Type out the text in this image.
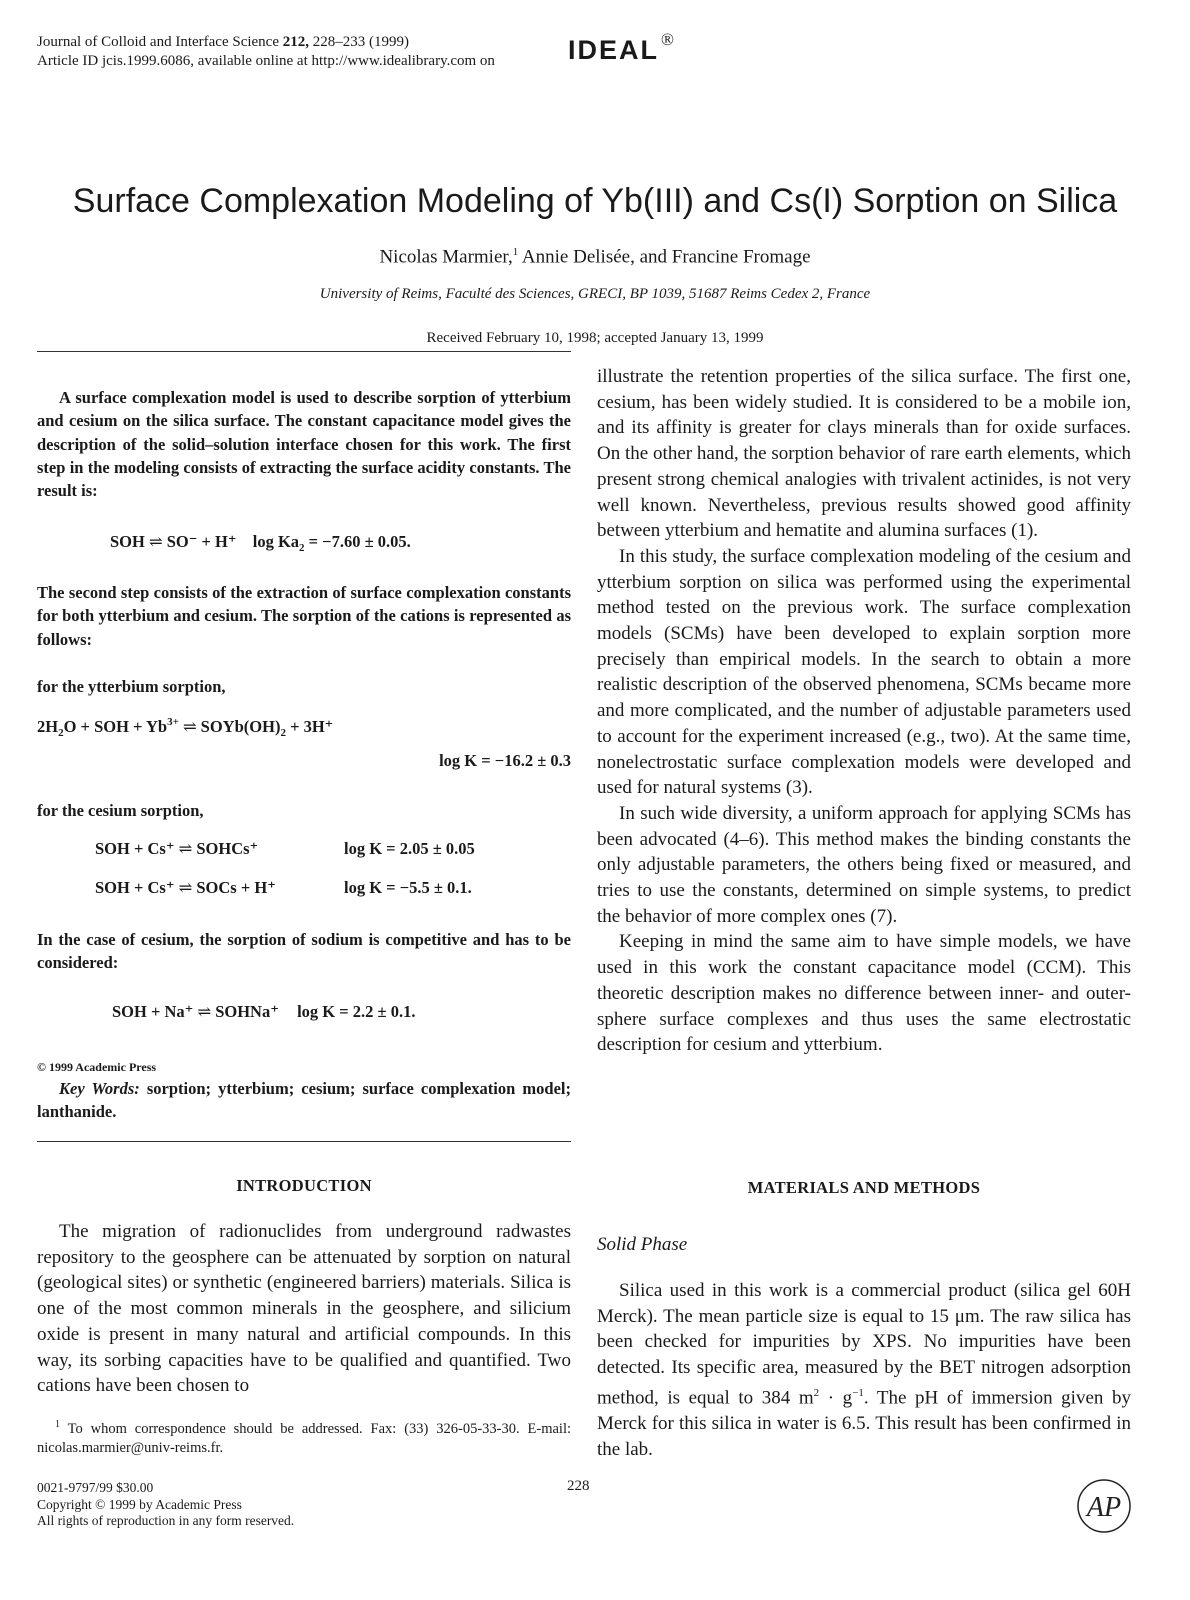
Journal of Colloid and Interface Science 212, 228–233 (1999)
Article ID jcis.1999.6086, available online at http://www.idealibrary.com on	IDEAL ®
Surface Complexation Modeling of Yb(III) and Cs(I) Sorption on Silica
Nicolas Marmier,$^1$ Annie Delisée, and Francine Fromage
University of Reims, Faculté des Sciences, GRECI, BP 1039, 51687 Reims Cedex 2, France
Received February 10, 1998; accepted January 13, 1999

A surface complexation model is used to describe sorption of ytterbium and cesium on the silica surface. The constant capacitance model gives the description of the solid–solution interface chosen for this work. The first step in the modeling consists of extracting the surface acidity constants. The result is:

SOH ⇌ SO⁻ + H⁺ $\log Ka_2 = -7.60 \pm 0.05$.
The second step consists of the extraction of surface complexation constants for both ytterbium and cesium. The sorption of the cations is represented as follows:
for the ytterbium sorption,
$2H_2O$ + SOH + $Yb^{3+}$ ⇌ $SOYb(OH)_2 + 3H^+$
log K = −16.2 ± 0.3
for the cesium sorption,
SOH + Cs⁺ ⇌ SOHCs⁺	log K = 2.05 ± 0.05
SOH + Cs⁺ ⇌ SOCs + H⁺	log K = −5.5 ± 0.1.
In the case of cesium, the sorption of sodium is competitive and has to be considered:
SOH + Na⁺ ⇌ SOHNa⁺ log K = 2.2 ± 0.1.
© 1999 Academic Press
Key Words: sorption; ytterbium; cesium; surface complexation model; lanthanide.
INTRODUCTION
The migration of radionuclides from underground radwastes repository to the geosphere can be attenuated by sorption on natural (geological sites) or synthetic (engineered barriers) materials. Silica is one of the most common minerals in the geosphere, and silicium oxide is present in many natural and artificial compounds. In this way, its sorbing capacities have to be qualified and quantified. Two cations have been chosen to
$^1$ To whom correspondence should be addressed. Fax: (33) 326-05-33-30. E-mail: nicolas.marmier@univ-reims.fr.

illustrate the retention properties of the silica surface. The first one, cesium, has been widely studied. It is considered to be a mobile ion, and its affinity is greater for clays minerals than for oxide surfaces. On the other hand, the sorption behavior of rare earth elements, which present strong chemical analogies with trivalent actinides, is not very well known. Nevertheless, previous results showed good affinity between ytterbium and hematite and alumina surfaces (1).

In this study, the surface complexation modeling of the cesium and ytterbium sorption on silica was performed using the experimental method tested on the previous work. The surface complexation models (SCMs) have been developed to explain sorption more precisely than empirical models. In the search to obtain a more realistic description of the observed phenomena, SCMs became more and more complicated, and the number of adjustable parameters used to account for the experiment increased (e.g., two). At the same time, nonelectrostatic surface complexation models were developed and used for natural systems (3).

In such wide diversity, a uniform approach for applying SCMs has been advocated (4–6). This method makes the binding constants the only adjustable parameters, the others being fixed or measured, and tries to use the constants, determined on simple systems, to predict the behavior of more complex ones (7).

Keeping in mind the same aim to have simple models, we have used in this work the constant capacitance model (CCM). This theoretic description makes no difference between inner- and outer-sphere surface complexes and thus uses the same electrostatic description for cesium and ytterbium.

MATERIALS AND METHODS
Solid Phase
Silica used in this work is a commercial product (silica gel 60H Merck). The mean particle size is equal to 15 μm. The raw silica has been checked for impurities by XPS. No impurities have been detected. Its specific area, measured by the BET nitrogen adsorption method, is equal to 384 $m^2 \cdot g^{-1}$. The pH of immersion given by Merck for this silica in water is 6.5. This result has been confirmed in the lab.
0021-9797/99 $30.00
Copyright © 1999 by Academic Press
All rights of reproduction in any form reserved.
228
AP
